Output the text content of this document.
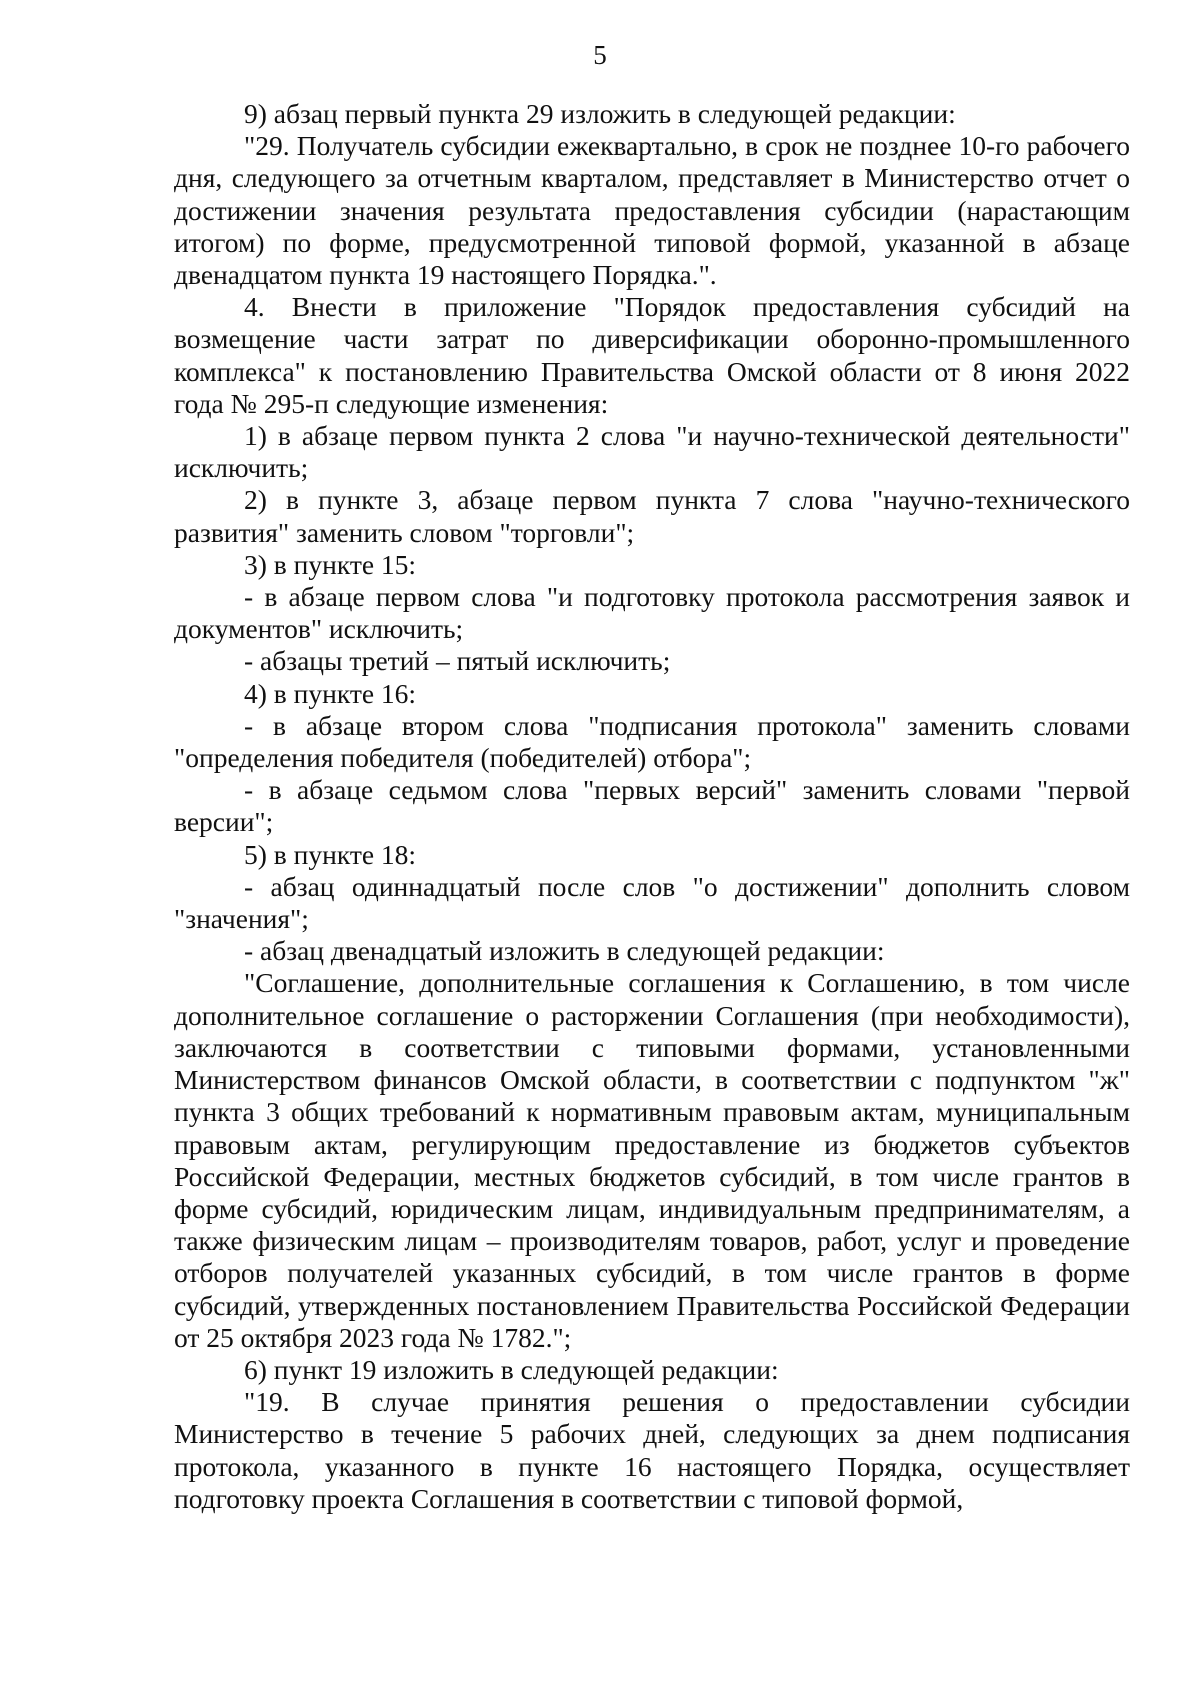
5

9) абзац первый пункта 29 изложить в следующей редакции:

"29. Получатель субсидии ежеквартально, в срок не позднее 10-го рабочего дня, следующего за отчетным кварталом, представляет в Министерство отчет о достижении значения результата предоставления субсидии (нарастающим итогом) по форме, предусмотренной типовой формой, указанной в абзаце двенадцатом пункта 19 настоящего Порядка.".

4. Внести в приложение "Порядок предоставления субсидий на возмещение части затрат по диверсификации оборонно-промышленного комплекса" к постановлению Правительства Омской области от 8 июня 2022 года № 295-п следующие изменения:

1) в абзаце первом пункта 2 слова "и научно-технической деятельности" исключить;

2) в пункте 3, абзаце первом пункта 7 слова "научно-технического развития" заменить словом "торговли";

3) в пункте 15:

- в абзаце первом слова "и подготовку протокола рассмотрения заявок и документов" исключить;

- абзацы третий – пятый исключить;

4) в пункте 16:

- в абзаце втором слова "подписания протокола" заменить словами "определения победителя (победителей) отбора";

- в абзаце седьмом слова "первых версий" заменить словами "первой версии";

5) в пункте 18:

- абзац одиннадцатый после слов "о достижении" дополнить словом "значения";

- абзац двенадцатый изложить в следующей редакции:

"Соглашение, дополнительные соглашения к Соглашению, в том числе дополнительное соглашение о расторжении Соглашения (при необходимости), заключаются в соответствии с типовыми формами, установленными Министерством финансов Омской области, в соответствии с подпунктом "ж" пункта 3 общих требований к нормативным правовым актам, муниципальным правовым актам, регулирующим предоставление из бюджетов субъектов Российской Федерации, местных бюджетов субсидий, в том числе грантов в форме субсидий, юридическим лицам, индивидуальным предпринимателям, а также физическим лицам – производителям товаров, работ, услуг и проведение отборов получателей указанных субсидий, в том числе грантов в форме субсидий, утвержденных постановлением Правительства Российской Федерации от 25 октября 2023 года № 1782.";

6) пункт 19 изложить в следующей редакции:

"19. В случае принятия решения о предоставлении субсидии Министерство в течение 5 рабочих дней, следующих за днем подписания протокола, указанного в пункте 16 настоящего Порядка, осуществляет подготовку проекта Соглашения в соответствии с типовой формой,
